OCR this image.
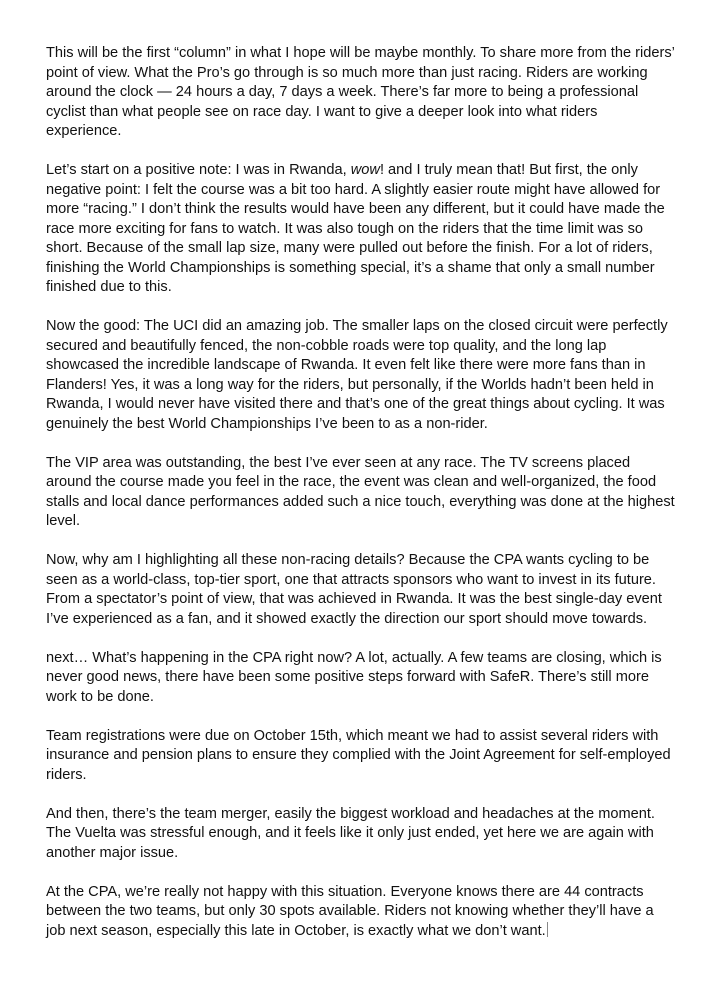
This will be the first “column” in what I hope will be maybe monthly. To share more from the riders’ point of view. What the Pro’s go through is so much more than just racing. Riders are working around the clock — 24 hours a day, 7 days a week. There’s far more to being a professional cyclist than what people see on race day. I want to give a deeper look into what riders experience.

Let’s start on a positive note: I was in Rwanda, wow! and I truly mean that! But first, the only negative point: I felt the course was a bit too hard. A slightly easier route might have allowed for more “racing.” I don’t think the results would have been any different, but it could have made the race more exciting for fans to watch. It was also tough on the riders that the time limit was so short. Because of the small lap size, many were pulled out before the finish. For a lot of riders, finishing the World Championships is something special, it’s a shame that only a small number finished due to this.

Now the good: The UCI did an amazing job. The smaller laps on the closed circuit were perfectly secured and beautifully fenced, the non-cobble roads were top quality, and the long lap showcased the incredible landscape of Rwanda. It even felt like there were more fans than in Flanders! Yes, it was a long way for the riders, but personally, if the Worlds hadn’t been held in Rwanda, I would never have visited there and that’s one of the great things about cycling. It was genuinely the best World Championships I’ve been to as a non-rider.

The VIP area was outstanding, the best I’ve ever seen at any race. The TV screens placed around the course made you feel in the race, the event was clean and well-organized, the food stalls and local dance performances added such a nice touch, everything was done at the highest level.

Now, why am I highlighting all these non-racing details? Because the CPA wants cycling to be seen as a world-class, top-tier sport, one that attracts sponsors who want to invest in its future. From a spectator’s point of view, that was achieved in Rwanda. It was the best single-day event I’ve experienced as a fan, and it showed exactly the direction our sport should move towards.

next… What’s happening in the CPA right now? A lot, actually. A few teams are closing, which is never good news, there have been some positive steps forward with SafeR. There’s still more work to be done.

Team registrations were due on October 15th, which meant we had to assist several riders with insurance and pension plans to ensure they complied with the Joint Agreement for self-employed riders.

And then, there’s the team merger, easily the biggest workload and headaches at the moment. The Vuelta was stressful enough, and it feels like it only just ended, yet here we are again with another major issue.

At the CPA, we’re really not happy with this situation. Everyone knows there are 44 contracts between the two teams, but only 30 spots available. Riders not knowing whether they’ll have a job next season, especially this late in October, is exactly what we don’t want.
